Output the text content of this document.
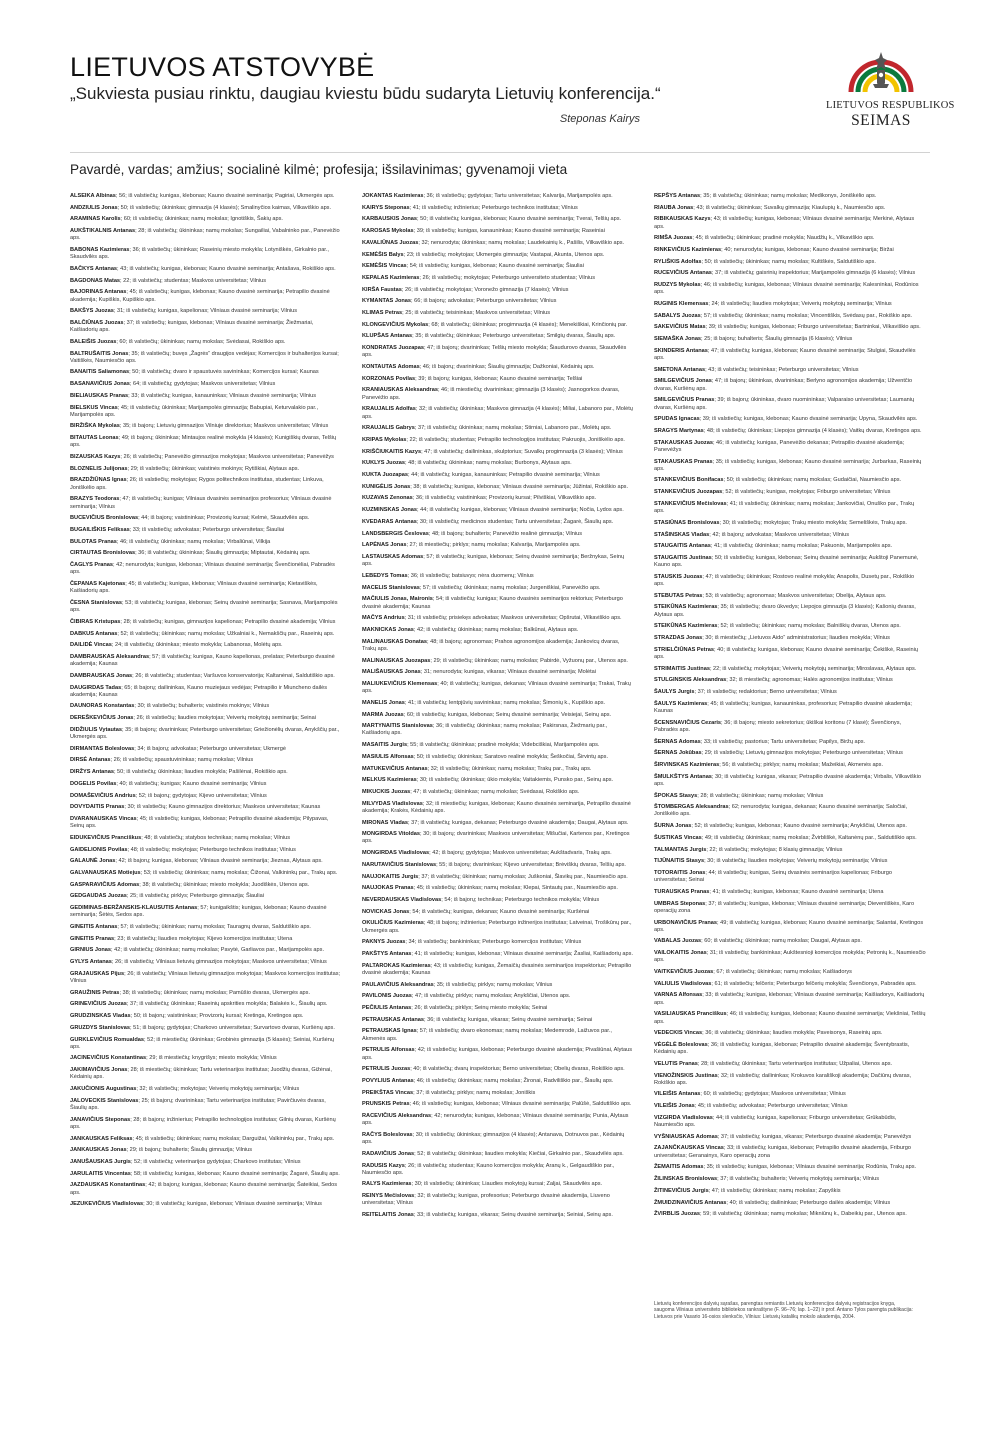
LIETUVOS ATSTOVYBĖ
„Sukviesta pusiau rinktu, daugiau kviestu būdu sudaryta Lietuvių konferencija.“
Steponas Kairys
LIETUVOS RESPUBLIKOS
SEIMAS
Pavardė, vardas; amžius; socialinė kilmė; profesija; išsilavinimas; gyvenamoji vieta
ALSEIKA Albinas; 56; iš valstiečių; kunigas, klebonas; Kauno dvasinė seminarija; Pagiriai, Ukmergės aps.
ANDZIULIS Jonas; 50; iš valstiečių; ūkininkas; gimnazija (4 klasės); Smalinyčios kaimas, Vilkaviškio aps.
ARAMINAS Karolis; 60; iš valstiečių; ūkininkas; namų mokslas; Ignotiškis, Šakių aps.
AUKŠTIKALNIS Antanas; 28; iš valstiečių; ūkininkas; namų mokslas; Sungailiai, Vabalninko par., Panevėžio aps.
BABONAS Kazimieras; 36; iš valstiečių; ūkininkas; Raseinių miesto mokykla; Lotyniškės, Girkalnio par., Skaudvilės aps.
BAČKYS Antanas; 43; iš valstiečių; kunigas, klebonas; Kauno dvasinė seminarija; Antašava, Rokiškio aps.
BAGDONAS Matas; 22; iš valstiečių; studentas; Maskvos universitetas; Vilnius
BAJORINAS Antanas; 45; iš valstiečių; kunigas, klebonas; Kauno dvasinė seminarija; Petrapilio dvasinė akademija; Kupiškis, Kupiškio aps.
BAKŠYS Juozas; 31; iš valstiečių; kunigas, kapelionas; Vilniaus dvasinė seminarija; Vilnius
BALČIŪNAS Juozas; 37; iš valstiečių; kunigas, klebonas; Vilniaus dvasinė seminarija; Žiežmariai, Kaišiadorių aps.
BALEIŠIS Juozas; 60; iš valstiečių; ūkininkas; namų mokslas; Svėdasai, Rokiškio aps.
BALTRUŠAITIS Jonas; 35; iš valstiečių; buvęs „Žagrės“ draugijos vedėjas; Komercijos ir buhalterijos kursai; Vaitiškės, Naumiesčio aps.
BANAITIS Saliamonas; 50; iš valstiečių; dvaro ir spaustuvės savininkas; Komercijos kursai; Kaunas
BASANAVIČIUS Jonas; 64; iš valstiečių; gydytojas; Maskvos universitetas; Vilnius
BIELIAUSKAS Pranas; 33; iš valstiečių; kunigas, kanauninkas; Vilniaus dvasinė seminarija; Vilnius
BIELSKUS Vincas; 45; iš valstiečių; ūkininkas; Marijampolės gimnazija; Babupiai, Keturvalakio par., Marijampolės aps.
BIRŽIŠKA Mykolas; 35; iš bajorų; Lietuvių gimnazijos Vilniuje direktorius; Maskvos universitetas; Vilnius
BITAUTAS Leonas; 49; iš bajorų; ūkininkas; Mintaujos realinė mokykla (4 klasės); Kunigiškių dvaras, Telšių aps.
BIZAUSKAS Kazys; 26; iš valstiečių; Panevėžio gimnazijos mokytojas; Maskvos universitetas; Panevėžys
BLOZNELIS Julijonas; 29; iš valstiečių; ūkininkas; vaistinės mokinys; Rytiškiai, Alytaus aps.
BRAZDŽIŪNAS Ignas; 26; iš valstiečių; mokytojas; Rygos politechnikos institutas, studentas; Linkuva, Joniškėlio aps.
BRAZYS Teodoras; 47; iš valstiečių; kunigas; Vilniaus dvasinės seminarijos profesorius; Vilniaus dvasinė seminarija; Vilnius
BUCEVIČIUS Bronislovas; 44; iš bajorų; vaistininkas; Provizorių kursai; Kelmė, Skaudvilės aps.
BUGAILIŠKIS Feliksas; 33; iš valstiečių; advokatas; Peterburgo universitetas; Šiauliai
BULOTAS Pranas; 46; iš valstiečių; ūkininkas; namų mokslas; Virbaliūnai, Vilkija
CIRTAUTAS Bronislovas; 36; iš valstiečių; ūkininkas; Šiaulių gimnazija; Miptautai, Kėdainių aps.
ČAGLYS Pranas; 42; nenurodyta; kunigas, klebonas; Vilniaus dvasinė seminarija; Švenčionėliai, Pabradės aps.
ČEPANAS Kajetonas; 45; iš valstiečių; kunigas, klebonas; Vilniaus dvasinė seminarija; Kietaviškės, Kaišiadorių aps.
ČESNA Stanislovas; 53; iš valstiečių; kunigas, klebonas; Seinų dvasinė seminarija; Sasnava, Marijampolės aps.
ČIBIRAS Kristupas; 28; iš valstiečių; kunigas, gimnazijos kapelionas; Petrapilio dvasinė akademija; Vilnius
DABKUS Antanas; 52; iš valstiečių; ūkininkas; namų mokslas; Užkalniai k., Nemakščių par., Raseinių aps.
DAILIDĖ Vincas; 24; iš valstiečių; ūkininkas; miesto mokykla; Labanoras, Molėtų aps.
DAMBRAUSKAS Aleksandras; 57; iš valstiečių; kunigas, Kauno kapelionas, prelatas; Peterburgo dvasinė akademija; Kaunas
DAMBRAUSKAS Jonas; 26; iš valstiečių; studentas; Varšuvos konservatorija; Kaltanėnai, Saldutiškio aps.
DAUGIRDAS Tadas; 65; iš bajorų; dailininkas, Kauno muziejaus vedėjas; Petrapilio ir Miuncheno dailės akademija; Kaunas
DAUNORAS Konstantas; 30; iš valstiečių; buhalteris; vaistinės mokinys; Vilnius
DEREŠKEVIČIUS Jonas; 26; iš valstiečių; liaudies mokytojas; Veiverių mokytojų seminarija; Seinai
DIDŽIULIS Vytautas; 35; iš bajorų; dvarininkas; Peterburgo universitetas; Griežionėlių dvaras, Anykščių par., Ukmergės aps.
DIRMANTAS Boleslovas; 34; iš bajorų; advokatas; Peterburgo universitetas; Ukmergė
DIRSĖ Antanas; 26; iš valstiečių; spaustuvininkas; namų mokslas; Vilnius
DIRŽYS Antanas; 50; iš valstiečių; ūkininkas; liaudies mokykla; Pašilėnai, Rokiškio aps.
DOGELIS Povilas; 40; iš valstiečių; kunigas; Kauno dvasinė seminarija; Vilnius
DOMAŠEVIČIUS Andrius; 52; iš bajorų; gydytojas; Kijevo universitetas; Vilnius
DOVYDAITIS Pranas; 30; iš valstiečių; Kauno gimnazijos direktorius; Maskvos universitetas; Kaunas
DVARANAUSKAS Vincas; 45; iš valstiečių; kunigas, klebonas; Petrapilio dvasinė akademija; Pilypavas, Seinų aps.
EIDUKEVIČIUS Pranciškus; 48; iš valstiečių; statybos technikas; namų mokslas; Vilnius
GAIDELIONIS Povilas; 48; iš valstiečių; mokytojas; Peterburgo technikos institutas; Vilnius
GALAUNĖ Jonas; 42; iš bajorų; kunigas, klebonas; Vilniaus dvasinė seminarija; Jieznas, Alytaus aps.
GALVANAUSKAS Motiejus; 53; iš valstiečių; ūkininkas; namų mokslas; Čižonai, Valkininkų par., Trakų aps.
GASPARAVIČIUS Adomas; 38; iš valstiečių; ūkininkas; miesto mokykla; Juodiškės, Utenos aps.
GEDGAUDAS Juozas; 25; iš valstiečių; pirklys; Peterburgo gimnazija; Šiauliai
GEDIMINAS-BERŽANSKIS-KLAUSUTIS Antanas; 57; kunigaikštis; kunigas, klebonas; Kauno dvasinė seminarija; Šėtės, Sedos aps.
GINEITIS Antanas; 57; iš valstiečių; ūkininkas; namų mokslas; Tauragnų dvaras, Saldutiškio aps.
GINEITIS Pranas; 23; iš valstiečių; liaudies mokytojas; Kijevo komercijos institutas; Utena
GIRNIUS Jonas; 42; iš valstiečių; ūkininkas; namų mokslas; Pavytė, Garliavos par., Marijampolės aps.
GYLYS Antanas; 26; iš valstiečių; Vilniaus lietuvių gimnazijos mokytojas; Maskvos universitetas; Vilnius
GRAJAUSKAS Pijus; 26; iš valstiečių; Vilniaus lietuvių gimnazijos mokytojas; Maskvos komercijos institutas; Vilnius
GRAUŽINIS Petras; 38; iš valstiečių; ūkininkas; namų mokslas; Pamūšio dvaras, Ukmergės aps.
GRINEVIČIUS Juozas; 37; iš valstiečių; ūkininkas; Raseinių apskrities mokykla; Balakės k., Šiaulių aps.
GRUDZINSKAS Vladas; 50; iš bajorų; vaistininkas; Provizorių kursai; Kretinga, Kretingos aps.
GRUZDYS Stanislovas; 51; iš bajorų; gydytojas; Charkovo universitetas; Survartovo dvaras, Kuršėnų aps.
GURKLEVIČIUS Romualdas; 52; iš miestiečių; ūkininkas; Grobinės gimnazija (5 klasės); Seiniai, Kuršėnų aps.
JACINEVIČIUS Konstantinas; 29; iš miestiečių; knygrišys; miesto mokykla; Vilnius
JAKIMAVIČIUS Jonas; 28; iš miestiečių; ūkininkas; Tartu veterinarijos institutas; Juodžių dvaras, Gižėnai, Kėdainių aps.
JAKUČIONIS Augustinas; 32; iš valstiečių; mokytojas; Veiverių mokytojų seminarija; Vilnius
JALOVECKIS Stanislovas; 25; iš bajorų; dvarininkas; Tartu veterinarijos institutas; Pavirčiuvės dvaras, Šiaulių aps.
JANAVIČIUS Steponas; 28; iš bajorų; inžinierius; Petrapilio technologijos institutas; Gilnių dvaras, Kuršėnų aps.
JANKAUSKAS Feliksas; 45; iš valstiečių; ūkininkas; namų mokslas; Darguižai, Valkininkų par., Trakų aps.
JANKAUSKAS Jonas; 29; iš bajorų; buhalteris; Šiaulių gimnazija; Vilnius
JANUŠAUSKAS Jurgis; 52; iš valstiečių; veterinarijos gydytojas; Charkovo institutas; Vilnius
JARULAITIS Vincentas; 58; iš valstiečių; kunigas, klebonas; Kauno dvasinė seminarija; Žagarė, Šiaulių aps.
JAZDAUSKAS Konstantinas; 42; iš bajorų; kunigas, klebonas; Kauno dvasinė seminarija; Šateikiai, Sedos aps.
JEZUKEVIČIUS Vladislovas; 30; iš valstiečių; kunigas, klebonas; Vilniaus dvasinė seminarija; Vilnius
JOKANTAS Kazimieras; 36; iš valstiečių; gydytojas; Tartu universitetas; Kalvarija, Marijampolės aps.
KAIRYS Steponas; 41; iš valstiečių; inžinierius; Peterburgo technikos institutas; Vilnius
KARBAUSKIS Jonas; 50; iš valstiečių; kunigas, klebonas; Kauno dvasinė seminarija; Tverai, Telšių aps.
KAROSAS Mykolas; 39; iš valstiečių; kunigas, kanauninkas; Kauno dvasinė seminarija; Raseiniai
KAVALIŪNAS Juozas; 32; nenurodyta; ūkininkas; namų mokslas; Laudekainių k., Pašilis, Vilkaviškio aps.
KEMĖŠIS Balys; 23; iš valstiečių; mokytojas; Ukmergės gimnazija; Vastapai, Akunta, Utenos aps.
KEMĖŠIS Vincas; 54; iš valstiečių; kunigas, klebonas; Kauno dvasinė seminarija; Šiauliai
KEPALAS Kazimieras; 26; iš valstiečių; mokytojas; Peterburgo universiteto studentas; Vilnius
KIRŠA Faustas; 26; iš valstiečių; mokytojas; Voronežo gimnazija (7 klasės); Vilnius
KYMANTAS Jonas; 66; iš bajorų; advokatas; Peterburgo universitetas; Vilnius
KLIMAS Petras; 25; iš valstiečių; teisininkas; Maskvos universitetas; Vilnius
KLONGEVIČIUS Mykolas; 68; iš valstiečių; ūkininkas; progimnazija (4 klasės); Menekiškiai, Krinčionių par.
KLUPŠAS Antanas; 35; iš valstiečių; ūkininkas; Peterburgo universitetas; Smilgių dvaras, Šiaulių aps.
KONDRATAS Juozapas; 47; iš bajorų; dvarininkas; Telšių miesto mokykla; Šiaudurovo dvaras, Skaudvilės aps.
KONTAUTAS Adomas; 46; iš bajorų; dvarininkas; Šiaulių gimnazija; Dažkoniai, Kėdainių aps.
KORZONAS Povilas; 39; iš bajorų; kunigas, klebonas; Kauno dvasinė seminarija; Telšiai
KRANIAUSKAS Aleksandras; 46; iš miestiečių; dvarininkas; gimnazija (3 klasės); Jasnogorkos dvaras, Panevėžio aps.
KRAUJALIS Adolfas; 32; iš valstiečių; ūkininkas; Maskvos gimnazija (4 klasės); Miliai, Labanoro par., Molėtų aps.
KRAUJALIS Gabrys; 37; iš valstiečių; ūkininkas; namų mokslas; Stirniai, Labanoro par., Molėtų aps.
KRIPAS Mykolas; 22; iš valstiečių; studentas; Petrapilio technologijos institutas; Pakruojis, Joniškėlio aps.
KRIŠČIUKAITIS Kazys; 47; iš valstiečių; dailininkas, skulptorius; Suvalkų progimnazija (3 klasės); Vilnius
KUKLYS Juozas; 48; iš valstiečių; ūkininkas; namų mokslas; Burbonys, Alytaus aps.
KUKTA Juozapas; 44; iš valstiečių; kunigas, kanauninkas; Petrapilio dvasinė seminarija; Vilnius
KUNIGĖLIS Jonas; 38; iš valstiečių; kunigas, klebonas; Vilniaus dvasinė seminarija; Jūžintai, Rokiškio aps.
KUZAVAS Zenonas; 36; iš valstiečių; vaistininkas; Provizorių kursai; Pilviškiai, Vilkaviškio aps.
KUZMINSKAS Jonas; 44; iš valstiečių; kunigas, klebonas; Vilniaus dvasinė seminarija; Nočia, Lydos aps.
KVEDARAS Antanas; 30; iš valstiečių; medicinos studentas; Tartu universitetas; Žagarė, Šiaulių aps.
LANDSBERGIS Česlovas; 48; iš bajorų; buhalteris; Panevėžio realinė gimnazija; Vilnius
LAPĖNAS Jonas; 27; iš miestiečių; pirklys; namų mokslas; Kalvarija, Marijampolės aps.
LASTAUSKAS Adomas; 57; iš valstiečių; kunigas, klebonas; Seinų dvasinė seminarija; Beržnykas, Seinų aps.
LEBEDYS Tomas; 36; iš valstiečių; batsiuvys; nėra duomenų; Vilnius
MACELIS Stanislovas; 57; iš valstiečių; ūkininkas; namų mokslas; Jurgeniškiai, Panevėžio aps.
MAČIULIS Jonas, Maironis; 54; iš valstiečių; kunigas; Kauno dvasinės seminarijos rektorius; Peterburgo dvasinė akademija; Kaunas
MAČYS Andrius; 31; iš valstiečių; prisiekęs advokatas; Maskvos universitetas; Opšrutai, Vilkaviškio aps.
MAKNICKAS Jonas; 42; iš valstiečių; ūkininkas; namų mokslas; Balkūnai, Alytaus aps.
MALINAUSKAS Donatas; 48; iš bajorų; agronomas; Prahos agronomijos akademija; Jankovicų dvaras, Trakų aps.
MALINAUSKAS Juozapas; 29; iš valstiečių; ūkininkas; namų mokslas; Pabirdė, Vyžuonų par., Utenos aps.
MALIŠAUSKAS Jonas; 31; nenurodyta; kunigas, vikaras; Vilniaus dvasinė seminarija; Molėtai
MALIUKEVIČIUS Klemensas; 40; iš valstiečių; kunigas, dekanas; Vilniaus dvasinė seminarija; Trakai, Trakų aps.
MANELIS Jonas; 41; iš valstiečių; lentpjūvių savininkas; namų mokslas; Šimonių k., Kupiškio aps.
MARMA Juozas; 60; iš valstiečių; kunigas, klebonas; Seinų dvasinė seminarija; Veisiejai, Seinų aps.
MARTYNAITIS Stanislovas; 36; iš valstiečių; ūkininkas; namų mokslas; Pakirsnas, Žiežmarių par., Kaišiadorių aps.
MASAITIS Jurgis; 55; iš valstiečių; ūkininkas; pradinė mokykla; Videbciškiai, Marijampolės aps.
MASIULIS Alfonsas; 50; iš valstiečių; ūkininkas; Saratovo realinė mokykla; Šeškočiai, Širvintų aps.
MATUKEVIČIUS Antanas; 32; iš valstiečių; ūkininkas; namų mokslas; Trakų par., Trakų aps.
MELKUS Kazimieras; 30; iš valstiečių; ūkininkas; ūkio mokykla; Vaitakiemis, Punsko par., Seinų aps.
MIKUCKIS Juozas; 47; iš valstiečių; ūkininkas; namų mokslas; Svėdasai, Rokiškio aps.
MILVYDAS Vladislovas; 32; iš miestiečių; kunigas, klebonas; Kauno dvasinės seminarija, Petrapilio dvasinė akademija; Krakės, Kėdainių aps.
MIRONAS Vladas; 37; iš valstiečių; kunigas, dekanas; Peterburgo dvasinė akademija; Daugai, Alytaus aps.
MONGIRDAS Vitoldas; 30; iš bajorų; dvarininkas; Maskvos universitetas; Mišučiai, Kartenos par., Kretingos aps.
MONGIRDAS Vladislovas; 42; iš bajorų; gydytojas; Maskvos universitetas; Aukštadvaris, Trakų aps.
NARUTAVIČIUS Stanislovas; 55; iš bajorų; dvarininkas; Kijevo universitetas; Brėviškių dvaras, Telšių aps.
NAUJOKAITIS Jurgis; 37; iš valstiečių; ūkininkas; namų mokslas; Juškoniai, Šlavikų par., Naumiesčio aps.
NAUJOKAS Pranas; 45; iš valstiečių; ūkininkas; namų mokslas; Klepai, Sintautų par., Naumiesčio aps.
NEVERDAUSKAS Vladislovas; 54; iš bajorų; technikas; Peterburgo technikos mokykla; Vilnius
NOVICKAS Jonas; 54; iš valstiečių; kunigas, dekanas; Kauno dvasinė seminarija; Kuršėnai
OKULIČIUS Kazimieras; 48; iš bajorų; inžinierius; Peterburgo inžinerijos institutas; Latveinai, Trošikūnų par., Ukmergės aps.
PAKNYS Juozas; 34; iš valstiečių; bankininkas; Peterburgo komercijos institutas; Vilnius
PAKŠTYS Antanas; 41; iš valstiečių; kunigas, klebonas; Vilniaus dvasinė seminarija; Žasliai, Kaišiadorių aps.
PALTAROKAS Kazimieras; 43; iš valstiečių; kunigas, Žemaičių dvasinės seminarijos inspektorius; Petrapilio dvasinė akademija; Kaunas
PAULAVIČIUS Aleksandras; 35; iš valstiečių; pirklys; namų mokslas; Vilnius
PAVILONIS Juozas; 47; iš valstiečių; pirklys; namų mokslas; Anykščiai, Utenos aps.
PEČIULIS Antanas; 26; iš valstiečių; pirklys; Seinų miesto mokykla; Seinai
PETRAUSKAS Antanas; 36; iš valstiečių; kunigas, vikaras; Seinų dvasinė seminarija; Seinai
PETRAUSKAS Ignas; 57; iš valstiečių; dvaro ekonomas; namų mokslas; Medemrodė, Laižuvos par., Akmenės aps.
PETRULIS Alfonsas; 42; iš valstiečių; kunigas, klebonas; Peterburgo dvasinė akademija; Pivašiūnai, Alytaus aps.
PETRULIS Juozas; 40; iš valstiečių; dvarų inspektorius; Berno universitetas; Obelių dvaras, Rokiškio aps.
POVYLIUS Antanas; 46; iš valstiečių; ūkininkas; namų mokslas; Žironai, Radviliškio par., Šiaulių aps.
PREIKŠTAS Vincas; 37; iš valstiečių; pirklys; namų mokslas; Joniškis
PRUNSKIS Petras; 46; iš valstiečių; kunigas, klebonas; Vilniaus dvasinė seminarija; Palūšė, Saldutiškio aps.
RACEVIČIUS Aleksandras; 42; nenurodyta; kunigas, klebonas; Vilniaus dvasinė seminarija; Punia, Alytaus aps.
RAČYS Boleslovas; 30; iš valstiečių; ūkininkas; gimnazijos (4 klasės); Antanava, Dotnuvos par., Kėdainių aps.
RADAVIČIUS Jonas; 52; iš valstiečių; ūkininkas; liaudies mokykla; Kiečiai, Girkalnio par., Skaudvilės aps.
RADUSIS Kazys; 26; iš valstiečių; studentas; Kauno komercijos mokykla; Aranų k., Gelgaudiškio par., Naumiesčio aps.
RALYS Kazimieras; 30; iš valstiečių; ūkininkas; Liaudies mokytojų kursai; Zaljai, Skaudvilės aps.
REINYS Mečislovas; 32; iš valstiečių; kunigas, profesorius; Peterburgo dvasinė akademija, Liuveno universitetas; Vilnius
REITELAITIS Jonas; 33; iš valstiečių; kunigas, vikaras; Seinų dvasinė seminarija; Seiniai, Seinų aps.
REPŠYS Antanas; 35; iš valstiečių; ūkininkas; namų mokslas; Medikonys, Joniškėlio aps.
RIAUBA Jonas; 43; iš valstiečių; ūkininkas; Suvalkų gimnazija; Kiaulupių k., Naumiesčio aps.
RIBIKAUSKAS Kazys; 43; iš valstiečių; kunigas, klebonas; Vilniaus dvasinė seminarija; Merkinė, Alytaus aps.
RIMŠA Juozas; 45; iš valstiečių; ūkininkas; pradinė mokykla; Naudžių k., Vilkaviškio aps.
RINKEVIČIUS Kazimieras; 40; nenurodyta; kunigas, klebonas; Kauno dvasinė seminarija; Biržai
RYLIŠKIS Adolfas; 50; iš valstiečių; ūkininkas; namų mokslas; Kultiškės, Saldutiškio aps.
RUCEVIČIUS Antanas; 37; iš valstiečių; gaisrinių inspektorius; Marijampolės gimnazija (6 klasės); Vilnius
RUDZYS Mykolas; 46; iš valstiečių; kunigas, klebonas; Vilniaus dvasinė seminarija; Kalesninkai, Rodūnios aps.
RUGINIS Klemensas; 24; iš valstiečių; liaudies mokytojas; Veiverių mokytojų seminarija; Vilnius
SABALYS Juozas; 57; iš valstiečių; ūkininkas; namų mokslas; Vincentiškis, Svėdasų par., Rokiškio aps.
SAKEVIČIUS Matas; 39; iš valstiečių; kunigas, klebonas; Friburgo universitetas; Bartninkai, Vilkaviškio aps.
SIEMAŠKA Jonas; 25; iš bajorų; buhalteris; Šiaulių gimnazija (6 klasės); Vilnius
SKINDERIS Antanas; 47; iš valstiečių; kunigas, klebonas; Kauno dvasinė seminarija; Stulgiai, Skaudvilės aps.
SMETONA Antanas; 43; iš valstiečių; teisininkas; Peterburgo universitetas; Vilnius
SMILGEVIČIUS Jonas; 47; iš bajorų; ūkininkas, dvarininkas; Berlyno agronomijos akademija; Užventčio dvaras, Kuršėnų aps.
SMILGEVIČIUS Pranas; 39; iš bajorų; ūkininkas, dvaro nuomininkas; Valparaiso universitetas; Laumanių dvaras, Kuršėnų aps.
SPUDAS Ignacas; 39; iš valstiečių; kunigas, klebonas; Kauno dvasinė seminarija; Upyna, Skaudvilės aps.
SRAGYS Martynas; 48; iš valstiečių; ūkininkas; Liepojos gimnazija (4 klasės); Vaitkų dvaras, Kretingos aps.
STAKAUSKAS Juozas; 46; iš valstiečių; kunigas, Panevėžio dekanas; Petrapilio dvasinė akademija; Panevėžys
STAKAUSKAS Pranas; 35; iš valstiečių; kunigas, klebonas; Kauno dvasinė seminarija; Jurbarkas, Raseinių aps.
STANKEVIČIUS Bonifacas; 50; iš valstiečių; ūkininkas; namų mokslas; Gudaičiai, Naumiesčio aps.
STANKEVIČIUS Juozapas; 52; iš valstiečių; kunigas, mokytojas; Friburgo universitetas; Vilnius
STANKEVIČIUS Mečislovas; 41; iš valstiečių; ūkininkas; namų mokslas; Jankovičiai, Onuško par., Trakų aps.
STASIŪNAS Bronislovas; 30; iš valstiečių; mokytojas; Trakų miesto mokykla; Semeliškės, Trakų aps.
STAŠINSKAS Vladas; 42; iš bajorų; advokatas; Maskvos universitetas; Vilnius
STAUGAITIS Antanas; 41; iš valstiečių; ūkininkas; namų mokslas; Pakuonis, Marijampolės aps.
STAUGAITIS Justinas; 50; iš valstiečių; kunigas, klebonas; Seinų dvasinė seminarija; Aukštoji Panemunė, Kauno aps.
STAUSKIS Juozas; 47; iš valstiečių; ūkininkas; Rostovo realinė mokykla; Anapolis, Dusetų par., Rokiškio aps.
STEBUTAS Petras; 53; iš valstiečių; agronomas; Maskvos universitetas; Obelija, Alytaus aps.
STEIKŪNAS Kazimieras; 35; iš valstiečių; dvaro ūkvedys; Liepojos gimnazija (3 klasės); Kašonių dvaras, Alytaus aps.
STEIKŪNAS Kazimieras; 52; iš valstiečių; ūkininkas; namų mokslas; Balniškių dvaras, Utenos aps.
STRAZDAS Jonas; 30; iš miestiečių; „Lietuvos Aido“ administratorius; liaudies mokykla; Vilnius
STRIELČIŪNAS Petras; 40; iš valstiečių; kunigas, klebonas; Kauno dvasinė seminarija; Čekiškė, Raseinių aps.
STRIMAITIS Justinas; 22; iš valstiečių; mokytojas; Veiverių mokytojų seminarija; Miroslavas, Alytaus aps.
STULGINSKIS Aleksandras; 32; iš miestiečių; agronomas; Halės agronomijos institutas; Vilnius
ŠAULYS Jurgis; 37; iš valstiečių; redaktorius; Berno universitetas; Vilnius
ŠAULYS Kazimieras; 45; iš valstiečių; kunigas, kanauninkas, profesorius; Petrapilio dvasinė akademija; Kaunas
ŠCENSNAVIČIUS Cezaris; 36; iš bajorų; miesto sekretorius; ūkiškai koritonu (7 klasė); Švenčionys, Pabradės aps.
ŠERNAS Adomas; 33; iš valstiečių; pastorius; Tartu universitetas; Papilys, Biržų aps.
ŠERNAS Jokūbas; 29; iš valstiečių; Lietuvių gimnazijos mokytojas; Peterburgo universitetas; Vilnius
ŠIRVINSKAS Kazimieras; 56; iš valstiečių; pirklys; namų mokslas; Mažeikiai, Akmenės aps.
ŠMULKŠTYS Antanas; 30; iš valstiečių; kunigas, vikaras; Petrapilio dvasinė akademija; Virbalis, Vilkaviškio aps.
ŠPOKAS Stasys; 28; iš valstiečių; ūkininkas; namų mokslas; Vilnius
ŠTOMBERGAS Aleksandras; 62; nenurodyta; kunigas, dekanas; Kauno dvasinė seminarija; Saločiai, Joniškėlio aps.
ŠURNA Jonas; 52; iš valstiečių; kunigas, klebonas; Kauno dvasinė seminarija; Anykščiai, Utenos aps.
ŠUSTIKAS Vincas; 49; iš valstiečių; ūkininkas; namų mokslas; Žvirbliškė, Kaltanėnų par., Saldutiškio aps.
TALMANTAS Jurgis; 22; iš valstiečių; mokytojas; 8 klasių gimnazija; Vilnius
TIJŪNAITIS Stasys; 30; iš valstiečių; liaudies mokytojas; Veiverių mokytojų seminarija; Vilnius
TOTORAITIS Jonas; 44; iš valstiečių; kunigas, Seinų dvasinės seminarijos kapelionas; Friburgo universitetas; Seinai
TURAUSKAS Pranas; 41; iš valstiečių; kunigas, klebonas; Kauno dvasinė seminarija; Utena
UMBRAS Steponas; 37; iš valstiečių; kunigas, klebonas; Vilniaus dvasinė seminarija; Dievenliškės, Karo operacijų zona
URBONAVIČIUS Pranas; 49; iš valstiečių; kunigas, klebonas; Kauno dvasinė seminarija; Salantai, Kretingos aps.
VABALAS Juozas; 60; iš valstiečių; ūkininkas; namų mokslas; Daugai, Alytaus aps.
VAILOKAITIS Jonas; 31; iš valstiečių; bankininkas; Aukštesnioji komercijos mokykla; Petronių k., Naumiesčio aps.
VAITKEVIČIUS Juozas; 67; iš valstiečių; ūkininkas; namų mokslas; Kaišiadorys
VALIULIS Vladislovas; 61; iš valstiečių; felčeris; Peterburgo felčerių mokykla; Švenčionys, Pabradės aps.
VARNAS Alfonsas; 33; iš valstiečių; kunigas, klebonas; Vilniaus dvasinė seminarija; Kaišiadorys, Kaišiadorių aps.
VASILIAUSKAS Pranciškus; 46; iš valstiečių; kunigas, klebonas; Kauno dvasinė seminarija; Viekšniai, Telšių aps.
VEDECKIS Vincas; 36; iš valstiečių; ūkininkas; liaudies mokykla; Paveisonys, Raseinių aps.
VĖGĖLĖ Boleslovas; 36; iš valstiečių; kunigas, klebonas; Petrapilio dvasinė akademija; Šventybrastis, Kėdainių aps.
VELUTIS Pranas; 28; iš valstiečių; ūkininkas; Tartu veterinarijos institutas; Užpaliai, Utenos aps.
VIENOŽINSKIS Justinas; 32; iš valstiečių; dailininkas; Krokuvos karališkoji akademija; Dačiūnų dvaras, Rokiškio aps.
VILEIŠIS Antanas; 60; iš valstiečių; gydytojas; Maskvos universitetas; Vilnius
VILEIŠIS Jonas; 45; iš valstiečių; advokatas; Peterburgo universitetas; Vilnius
VIZGIRDA Vladislovas; 44; iš valstiečių; kunigas, kapelionas; Friburgo universitetas; Grūkabūdis, Naumiesčio aps.
VYŠNIAUSKAS Adomas; 37; iš valstiečių; kunigas, vikaras; Peterburgo dvasinė akademija; Panevėžys
ZAJANČKAUSKAS Vincas; 33; iš valstiečių; kunigas, klebonas; Petrapilio dvasinė akademija, Friburgo universitetas; Geranainys, Karo operacijų zona
ŽEMAITIS Adomas; 35; iš valstiečių; kunigas, klebonas; Vilniaus dvasinė seminarija; Rodūnia, Trakų aps.
ŽILINSKAS Bronislovas; 37; iš valstiečių; buhalteris; Veiverių mokytojų seminarija; Vilnius
ŽITINEVIČIUS Jurgis; 47; iš valstiečių; ūkininkas; namų mokslas; Zapyškis
ŽMUIDZINAVIČIUS Antanas; 40; iš valstiečių; dailininkas; Peterburgo dailės akademija; Vilnius
ŽVIRBLIS Juozas; 59; iš valstiečių; ūkininkas; namų mokslas; Mikniūnų k., Dabeikių par., Utenos aps.
Lietuvių konferencijos dalyvių sąrašas, parengtas remiantis Lietuvių konferencijos dalyvių registracijos knyga, saugoma Vilniaus universiteto bibliotekos rankraštyne (F. 96–76; lap. 1–22) ir prof. Antano Tylos parengta publikacija: Lietuvos prie Vasario 16-osios slenksčio, Vilnius: Lietuvių katalikų mokslo akademija, 2004.
